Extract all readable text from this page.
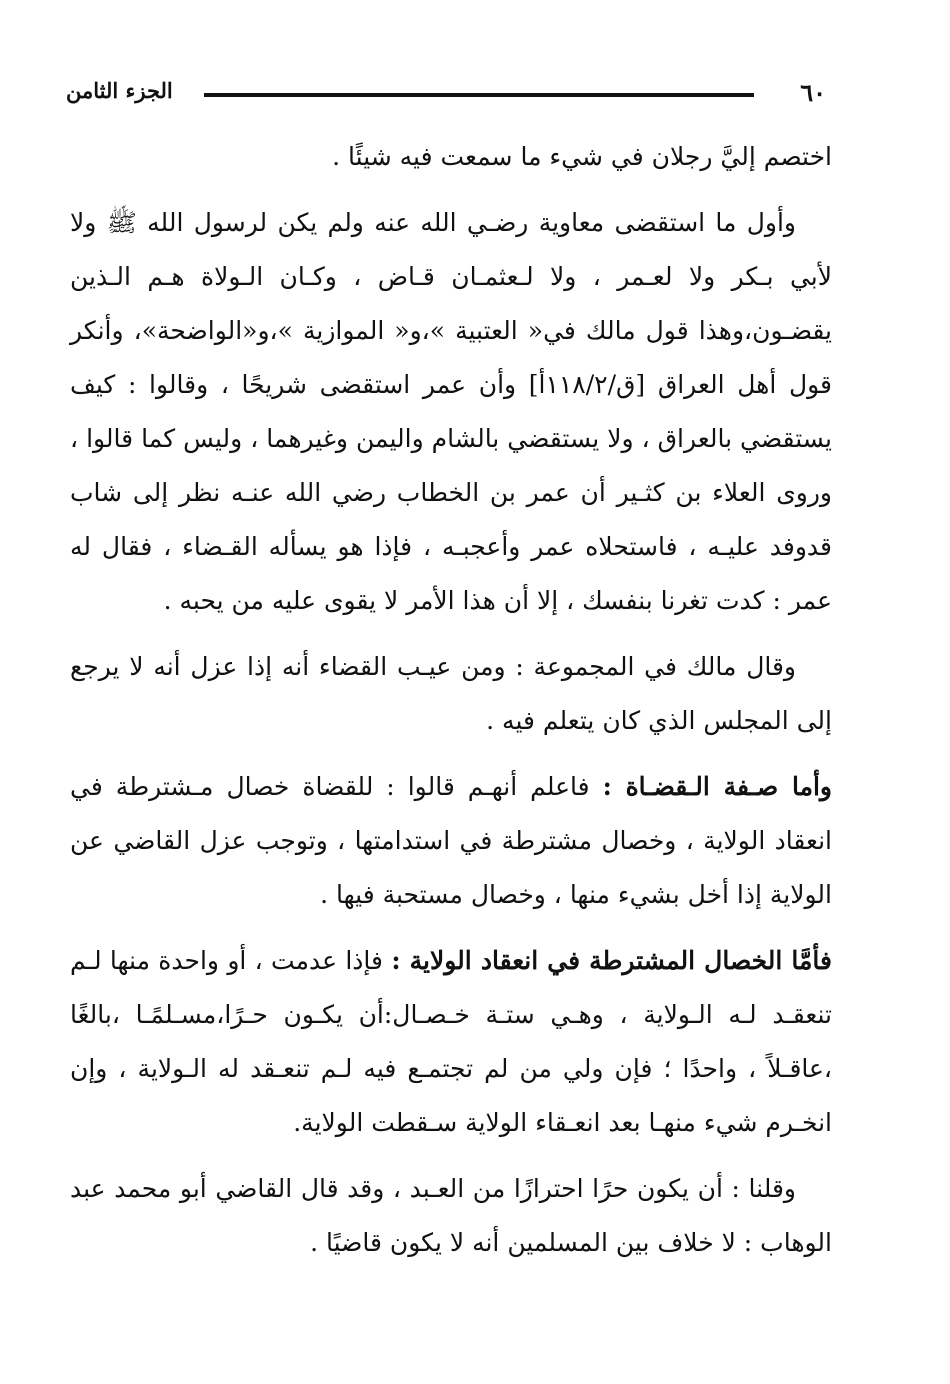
٦٠
الجزء الثامن

اختصم إليَّ رجلان في شيء ما سمعت فيه شيئًا .

وأول ما استقضى معاوية رضـي الله عنه ولم يكن لرسول الله ﷺ ولا لأبي بـكر ولا لعـمر ، ولا لـعثمـان قـاض ، وكـان الـولاة هـم الـذين يقضـون،وهذا قول مالك في« العتبية »،و« الموازية »،و«الواضحة»، وأنكر قول أهل العراق [ق/١١٨/٢أ] وأن عمر استقضى شريحًا ، وقالوا : كيف يستقضي بالعراق ، ولا يستقضي بالشام واليمن وغيرهما ، وليس كما قالوا ، وروى العلاء بن كثـير أن عمر بن الخطاب رضي الله عنـه نظر إلى شاب قدوفد عليـه ، فاستحلاه عمر وأعجبـه ، فإذا هو يسأله القـضاء ، فقال له عمر : كدت تغرنا بنفسك ، إلا أن هذا الأمر لا يقوى عليه من يحبه .

وقال مالك في المجموعة : ومن عيـب القضاء أنه إذا عزل أنه لا يرجع إلى المجلس الذي كان يتعلم فيه .

وأما صـفة الـقضـاة : فاعلم أنهـم قالوا : للقضاة خصال مـشترطة في انعقاد الولاية ، وخصال مشترطة في استدامتها ، وتوجب عزل القاضي عن الولاية إذا أخل بشيء منها ، وخصال مستحبة فيها .

فأمَّا الخصال المشترطة في انعقاد الولاية : فإذا عدمت ، أو واحدة منها لـم تنعقـد لـه الـولاية ، وهـي ستـة خـصـال:أن يكـون حـرًا،مسـلمًـا ،بالغًا ،عاقـلاً ، واحدًا ؛ فإن ولي من لم تجتمـع فيه لـم تنعـقد له الـولاية ، وإن انخـرم شيء منهـا بعد انعـقاء الولاية سـقطت الولاية.

وقلنا : أن يكون حرًا احترازًا من العـبد ، وقد قال القاضي أبو محمد عبد الوهاب : لا خلاف بين المسلمين أنه لا يكون قاضيًا .
